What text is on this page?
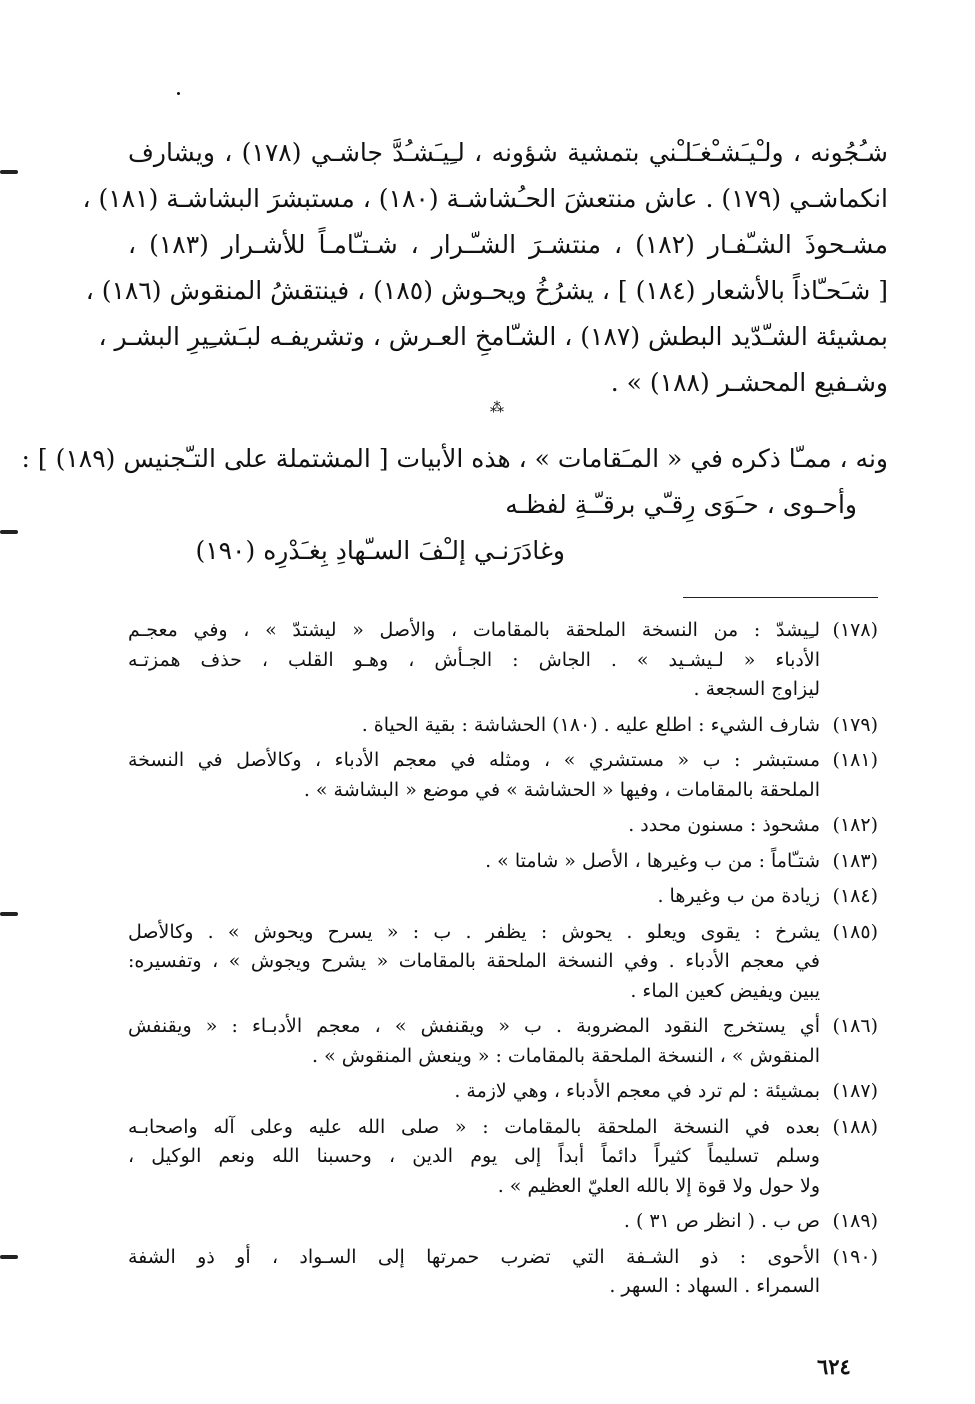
شـُجُونه ، ولـْيـَشـْغـَلـْني بتمشية شؤونه ، لـِيـَشـُدَّ جاشـي (١٧٨) ، ويشارف
انكماشـي (١٧٩) . عاش منتعشَ الحـُشاشـة (١٨٠) ، مستبشرَ البشاشـة (١٨١) ،
مشـحوذَ الشـّفـار (١٨٢) ، منتشـرَ الشـّـرار ، شـتـّامـاً للأشـرار (١٨٣) ،
[ شـَحـّاذاً بالأشعار (١٨٤) ] ، يشرُخُ ويحـوش (١٨٥) ، فينتقشُ المنقوش (١٨٦) ،
بمشيئة الشـّدّيد البطش (١٨٧) ، الشـّامخِ العـرش ، وتشريفـه لبـَشـِيرِ البشـر ،
وشـفيع المحشـر (١٨٨) » .
⁂
ونه ، ممـّا ذكره في « المـَقامات » ، هذه الأبيات [ المشتملة على التـّجنيس (١٨٩) ] :
وأحـوى ، حـَوَى رِقـّي برقـّـةِ لفظـه
وغادَرَنـي إلـْفَ السـّهادِ بِغـَدْرِه (١٩٠)
(١٧٨)
لـِيشدّ : من النسخة الملحقة بالمقامات ، والأصل « ليشتدّ » ، وفي معجـم
الأدباء « لـيشـيد » . الجاش : الجـأش ، وهـو القلب ، حذف همزتـه
ليزاوج السجعة .
(١٧٩)
شارف الشيء : اطلع عليه . (١٨٠) الحشاشة : بقية الحياة .
(١٨١)
مستبشر : ب « مستشري » ، ومثله في معجم الأدباء ، وكالأصل في النسخة
الملحقة بالمقامات ، وفيها « الحشاشة » في موضع « البشاشة » .
(١٨٢)
مشحوذ : مسنون محدد .
(١٨٣)
شتـّاماً : من ب وغيرها ، الأصل « شامتا » .
(١٨٤)
زيادة من ب وغيرها .
(١٨٥)
يشرخ : يقوى ويعلو . يحوش : يظفر . ب : « يسرح ويحوش » . وكالأصل
في معجم الأدباء . وفي النسخة الملحقة بالمقامات « يشرح ويجوش » ، وتفسيره:
يبين ويفيض كعين الماء .
(١٨٦)
أي يستخرج النقود المضروبة . ب « ويقنفش » ، معجم الأدبـاء : « ويقنفش
المنقوش » ، النسخة الملحقة بالمقامات : « وينعش المنقوش » .
(١٨٧)
بمشيئة : لم ترد في معجم الأدباء ، وهي لازمة .
(١٨٨)
بعده في النسخة الملحقة بالمقامات : « صلى الله عليه وعلى آله واصحابـه
وسلم تسليماً كثيراً دائماً أبداً إلى يوم الدين ، وحسبنا الله ونعم الوكيل ،
ولا حول ولا قوة إلا بالله العليّ العظيم » .
(١٨٩)
ص ب . ( انظر ص ٣١ ) .
(١٩٠)
الأحوى : ذو الشـفة التي تضرب حمرتها إلى السـواد ، أو ذو الشفة
السمراء . السهاد : السهر .
٦٢٤
